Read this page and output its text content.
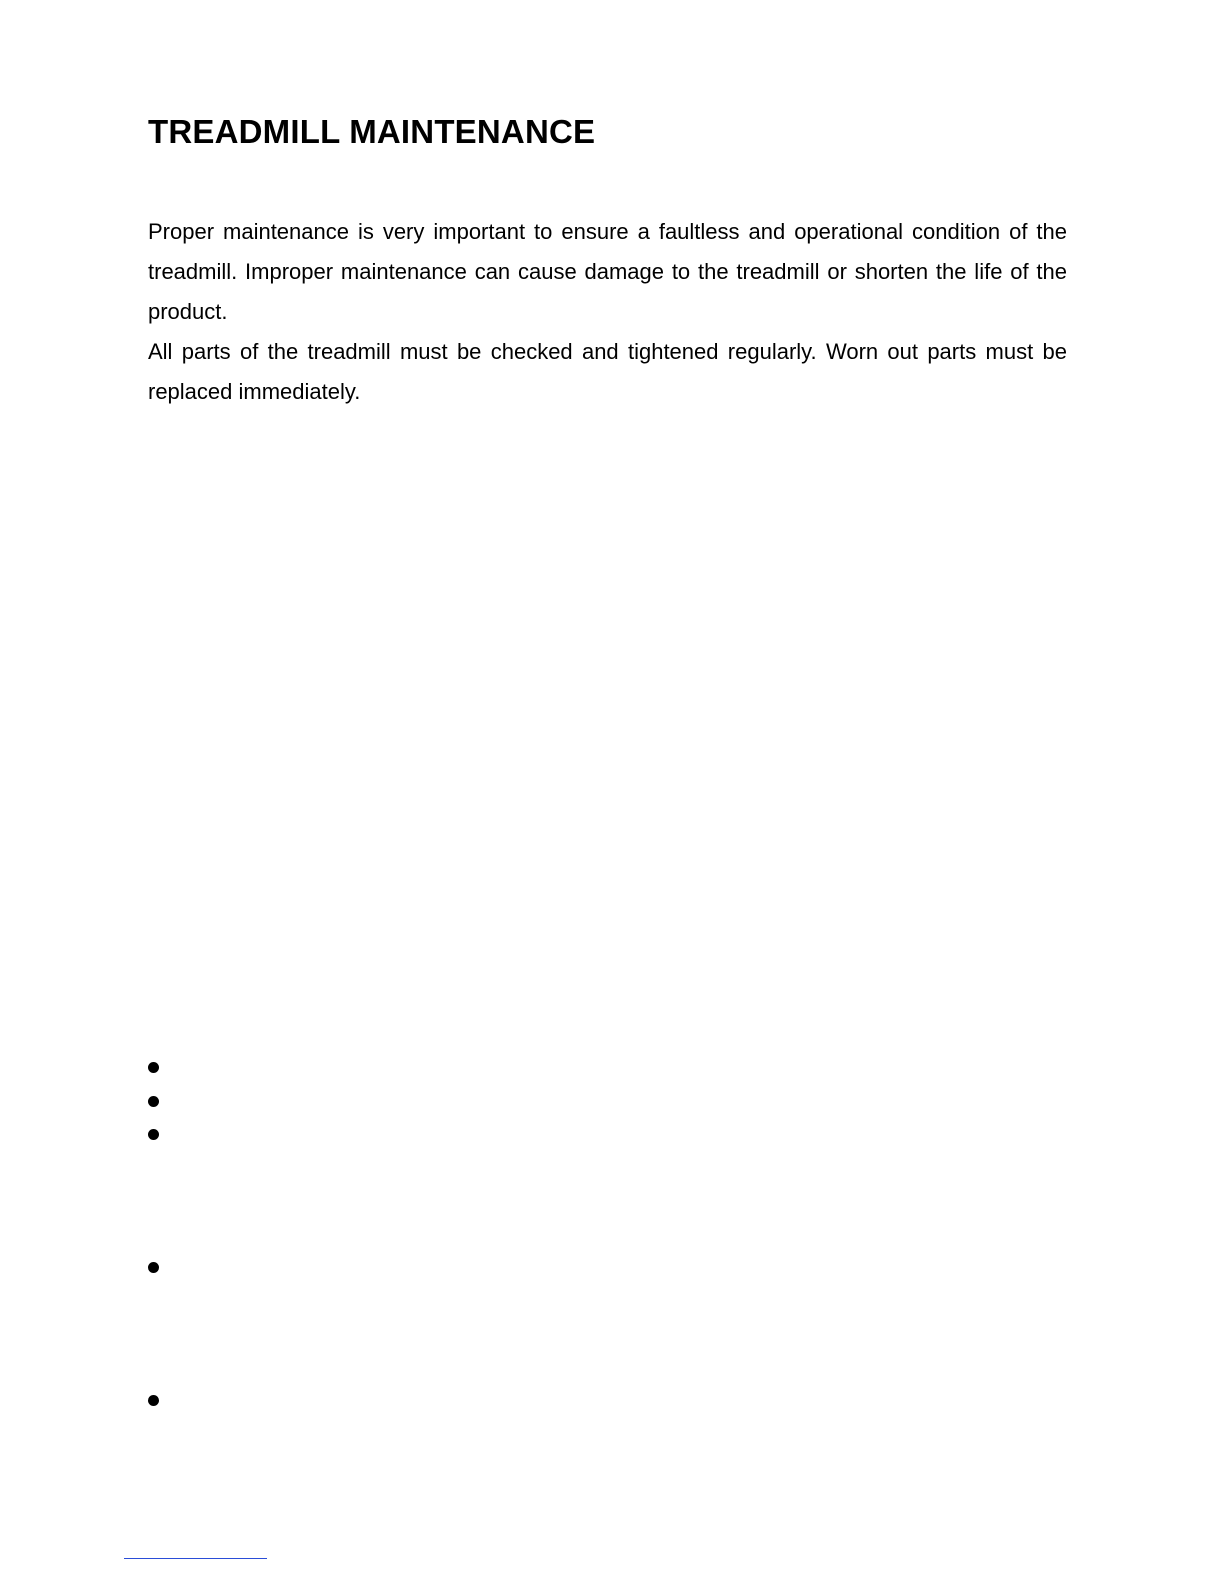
TREADMILL MAINTENANCE

Proper maintenance is very important to ensure a faultless and operational condition of the treadmill. Improper maintenance can cause damage to the treadmill or shorten the life of the product.

All parts of the treadmill must be checked and tightened regularly. Worn out parts must be replaced immediately.
